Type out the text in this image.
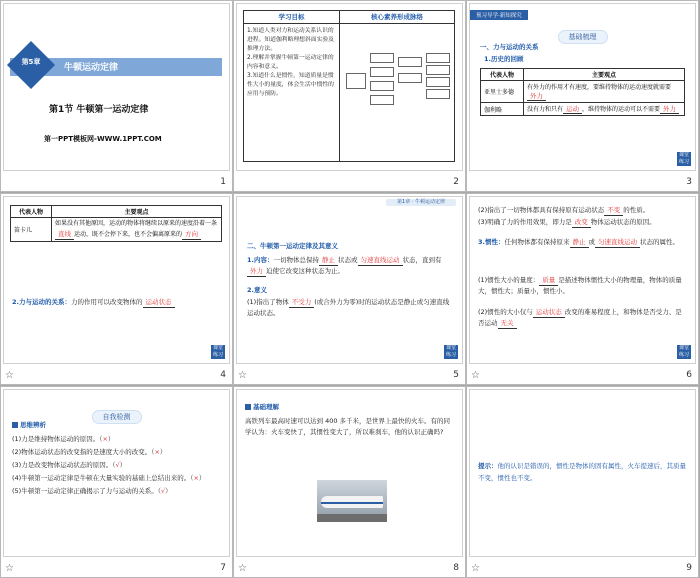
第5章
牛顿运动定律
第1节 牛顿第一运动定律
第一PPT模板网-WWW.1PPT.COM
1
学习目标	核心素养形成脉络
1.知道人类对力和运动关系认识的进程。知道伽利略理想斜面实验及推理方法。
2.理解并掌握牛顿第一运动定律的内容和意义。
3.知道什么是惯性，知道质量是惯性大小的量度，体会生活中惯性的应用与预防。
2
预习导学·新知探究
基础梳理
一、力与运动的关系
1.历史的回顾
代表人物	主要观点
亚里士多德	有外力的作用才有速度，要维持物体的运动速度就需要外力
伽利略	没有力和只有 运动 ，维持物体的运动可以不需要 外力
课堂练习
3
代表人物	主要观点
笛卡儿	如果没有其他原因，运动的物体将继续以原来的速度沿着一条直线 运动，既不会停下来，也不会偏离原来的 方向
2.力与运动的关系：力的作用可以改变物体的 运动状态
课堂练习
☆	4
第1章 · 牛顿运动定律
二、牛顿第一运动定律及其意义
1.内容：一切物体总保持 静止 状态或 匀速直线运动 状态，直到有外力 迫使它改变这种状态为止。
2.意义
(1)指出了物体 不受力 (或合外力为零)时的运动状态是静止或匀速直线运动状态。
课堂练习
☆	5
(2)指出了一切物体都具有保持原有运动状态 不变 的性质。
(3)明确了力的作用效果，即力是 改变 物体运动状态的原因。
3.惯性：任何物体都有保持原来 静止 或 匀速直线运动 状态的属性。
(1)惯性大小的量度： 质量 是描述物体惯性大小的物理量，物体的质量大，惯性大；质量小，惯性小。
(2)惯性的大小仅与 运动状态 改变的难易程度上，和物体是否受力、是否运动 无关
课堂练习
☆	6
自我检测
思维辨析
(1)力是维持物体运动的原因。（×）
(2)物体运动状态的改变指的是速度大小的改变。（×）
(3)力是改变物体运动状态的原因。（√）
(4)牛顿第一运动定律是牛顿在大量实验的基础上总结出来的。（×）
(5)牛顿第一运动定律正确揭示了力与运动的关系。（√）
☆	7
基础理解
高铁列车最高时速可以达到 400 多千米，是世界上最快的火车。有的同学认为：火车变快了，其惯性变大了，所以难刹车，他的认识正确吗?
☆	8
提示：他的认识是错误的，惯性是物体的固有属性，火车提速后，其质量不变，惯性也不变。
☆	9
